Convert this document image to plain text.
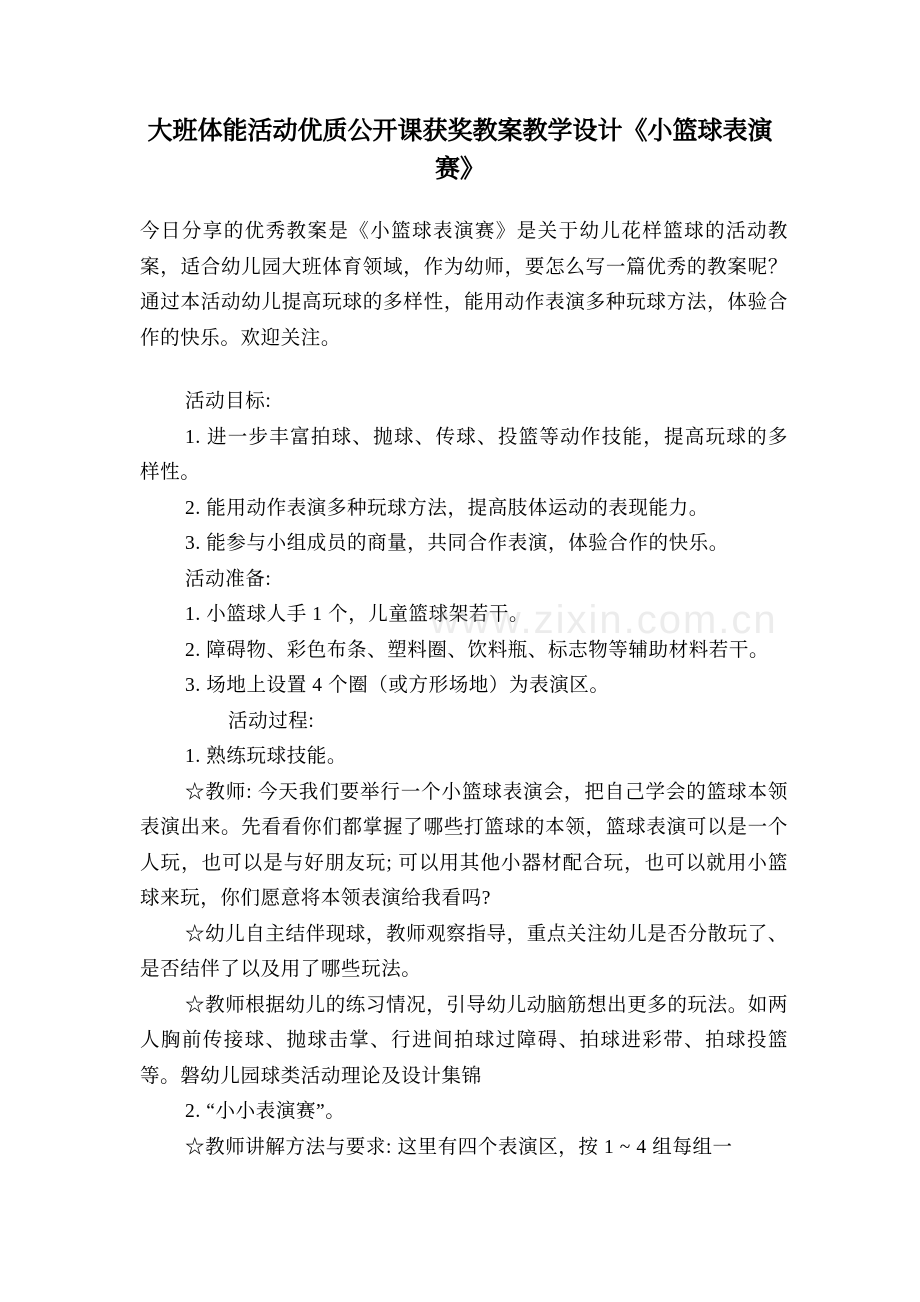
大班体能活动优质公开课获奖教案教学设计《小篮球表演赛》

今日分享的优秀教案是《小篮球表演赛》是关于幼儿花样篮球的活动教案，适合幼儿园大班体育领域，作为幼师，要怎么写一篇优秀的教案呢？通过本活动幼儿提高玩球的多样性，能用动作表演多种玩球方法，体验合作的快乐。欢迎关注。

活动目标:

1. 进一步丰富拍球、抛球、传球、投篮等动作技能，提高玩球的多样性。

2. 能用动作表演多种玩球方法，提高肢体运动的表现能力。

3. 能参与小组成员的商量，共同合作表演，体验合作的快乐。

活动准备:

1. 小篮球人手 1 个，儿童篮球架若干。

2. 障碍物、彩色布条、塑料圈、饮料瓶、标志物等辅助材料若干。

3. 场地上设置 4 个圈（或方形场地）为表演区。

活动过程:

1. 熟练玩球技能。

☆教师: 今天我们要举行一个小篮球表演会，把自己学会的篮球本领表演出来。先看看你们都掌握了哪些打篮球的本领，篮球表演可以是一个人玩，也可以是与好朋友玩; 可以用其他小器材配合玩，也可以就用小篮球来玩，你们愿意将本领表演给我看吗?

☆幼儿自主结伴现球，教师观察指导，重点关注幼儿是否分散玩了、是否结伴了以及用了哪些玩法。

☆教师根据幼儿的练习情况，引导幼儿动脑筋想出更多的玩法。如两人胸前传接球、抛球击掌、行进间拍球过障碍、拍球进彩带、拍球投篮等。磐幼儿园球类活动理论及设计集锦

2. “小小表演赛”。

☆教师讲解方法与要求: 这里有四个表演区，按 1 ~ 4 组每组一

www.zixin.com.cn
